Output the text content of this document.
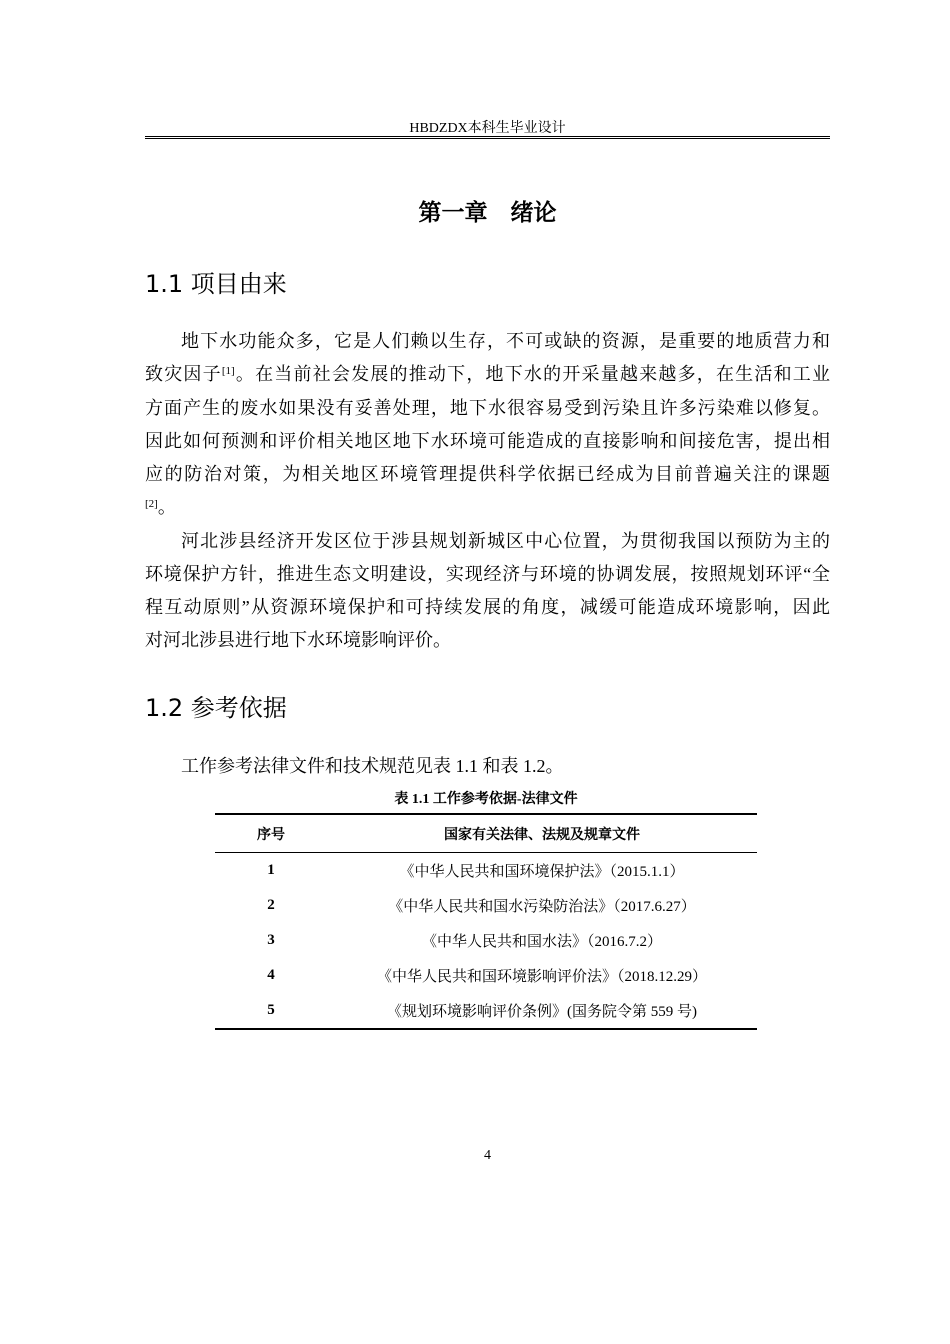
HBDZDX本科生毕业设计
第一章　绪论
1.1 项目由来
地下水功能众多，它是人们赖以生存，不可或缺的资源，是重要的地质营力和
致灾因子[1]。在当前社会发展的推动下，地下水的开采量越来越多，在生活和工业
方面产生的废水如果没有妥善处理，地下水很容易受到污染且许多污染难以修复。
因此如何预测和评价相关地区地下水环境可能造成的直接影响和间接危害，提出相
应的防治对策，为相关地区环境管理提供科学依据已经成为目前普遍关注的课题
[2]。
河北涉县经济开发区位于涉县规划新城区中心位置，为贯彻我国以预防为主的
环境保护方针，推进生态文明建设，实现经济与环境的协调发展，按照规划环评“全
程互动原则”从资源环境保护和可持续发展的角度，减缓可能造成环境影响，因此
对河北涉县进行地下水环境影响评价。
1.2 参考依据
工作参考法律文件和技术规范见表 1.1 和表 1.2。
表 1.1 工作参考依据-法律文件
序号	国家有关法律、法规及规章文件
1	《中华人民共和国环境保护法》（2015.1.1）
2	《中华人民共和国水污染防治法》（2017.6.27）
3	《中华人民共和国水法》（2016.7.2）
4	《中华人民共和国环境影响评价法》（2018.12.29）
5	《规划环境影响评价条例》(国务院令第 559 号)
4
